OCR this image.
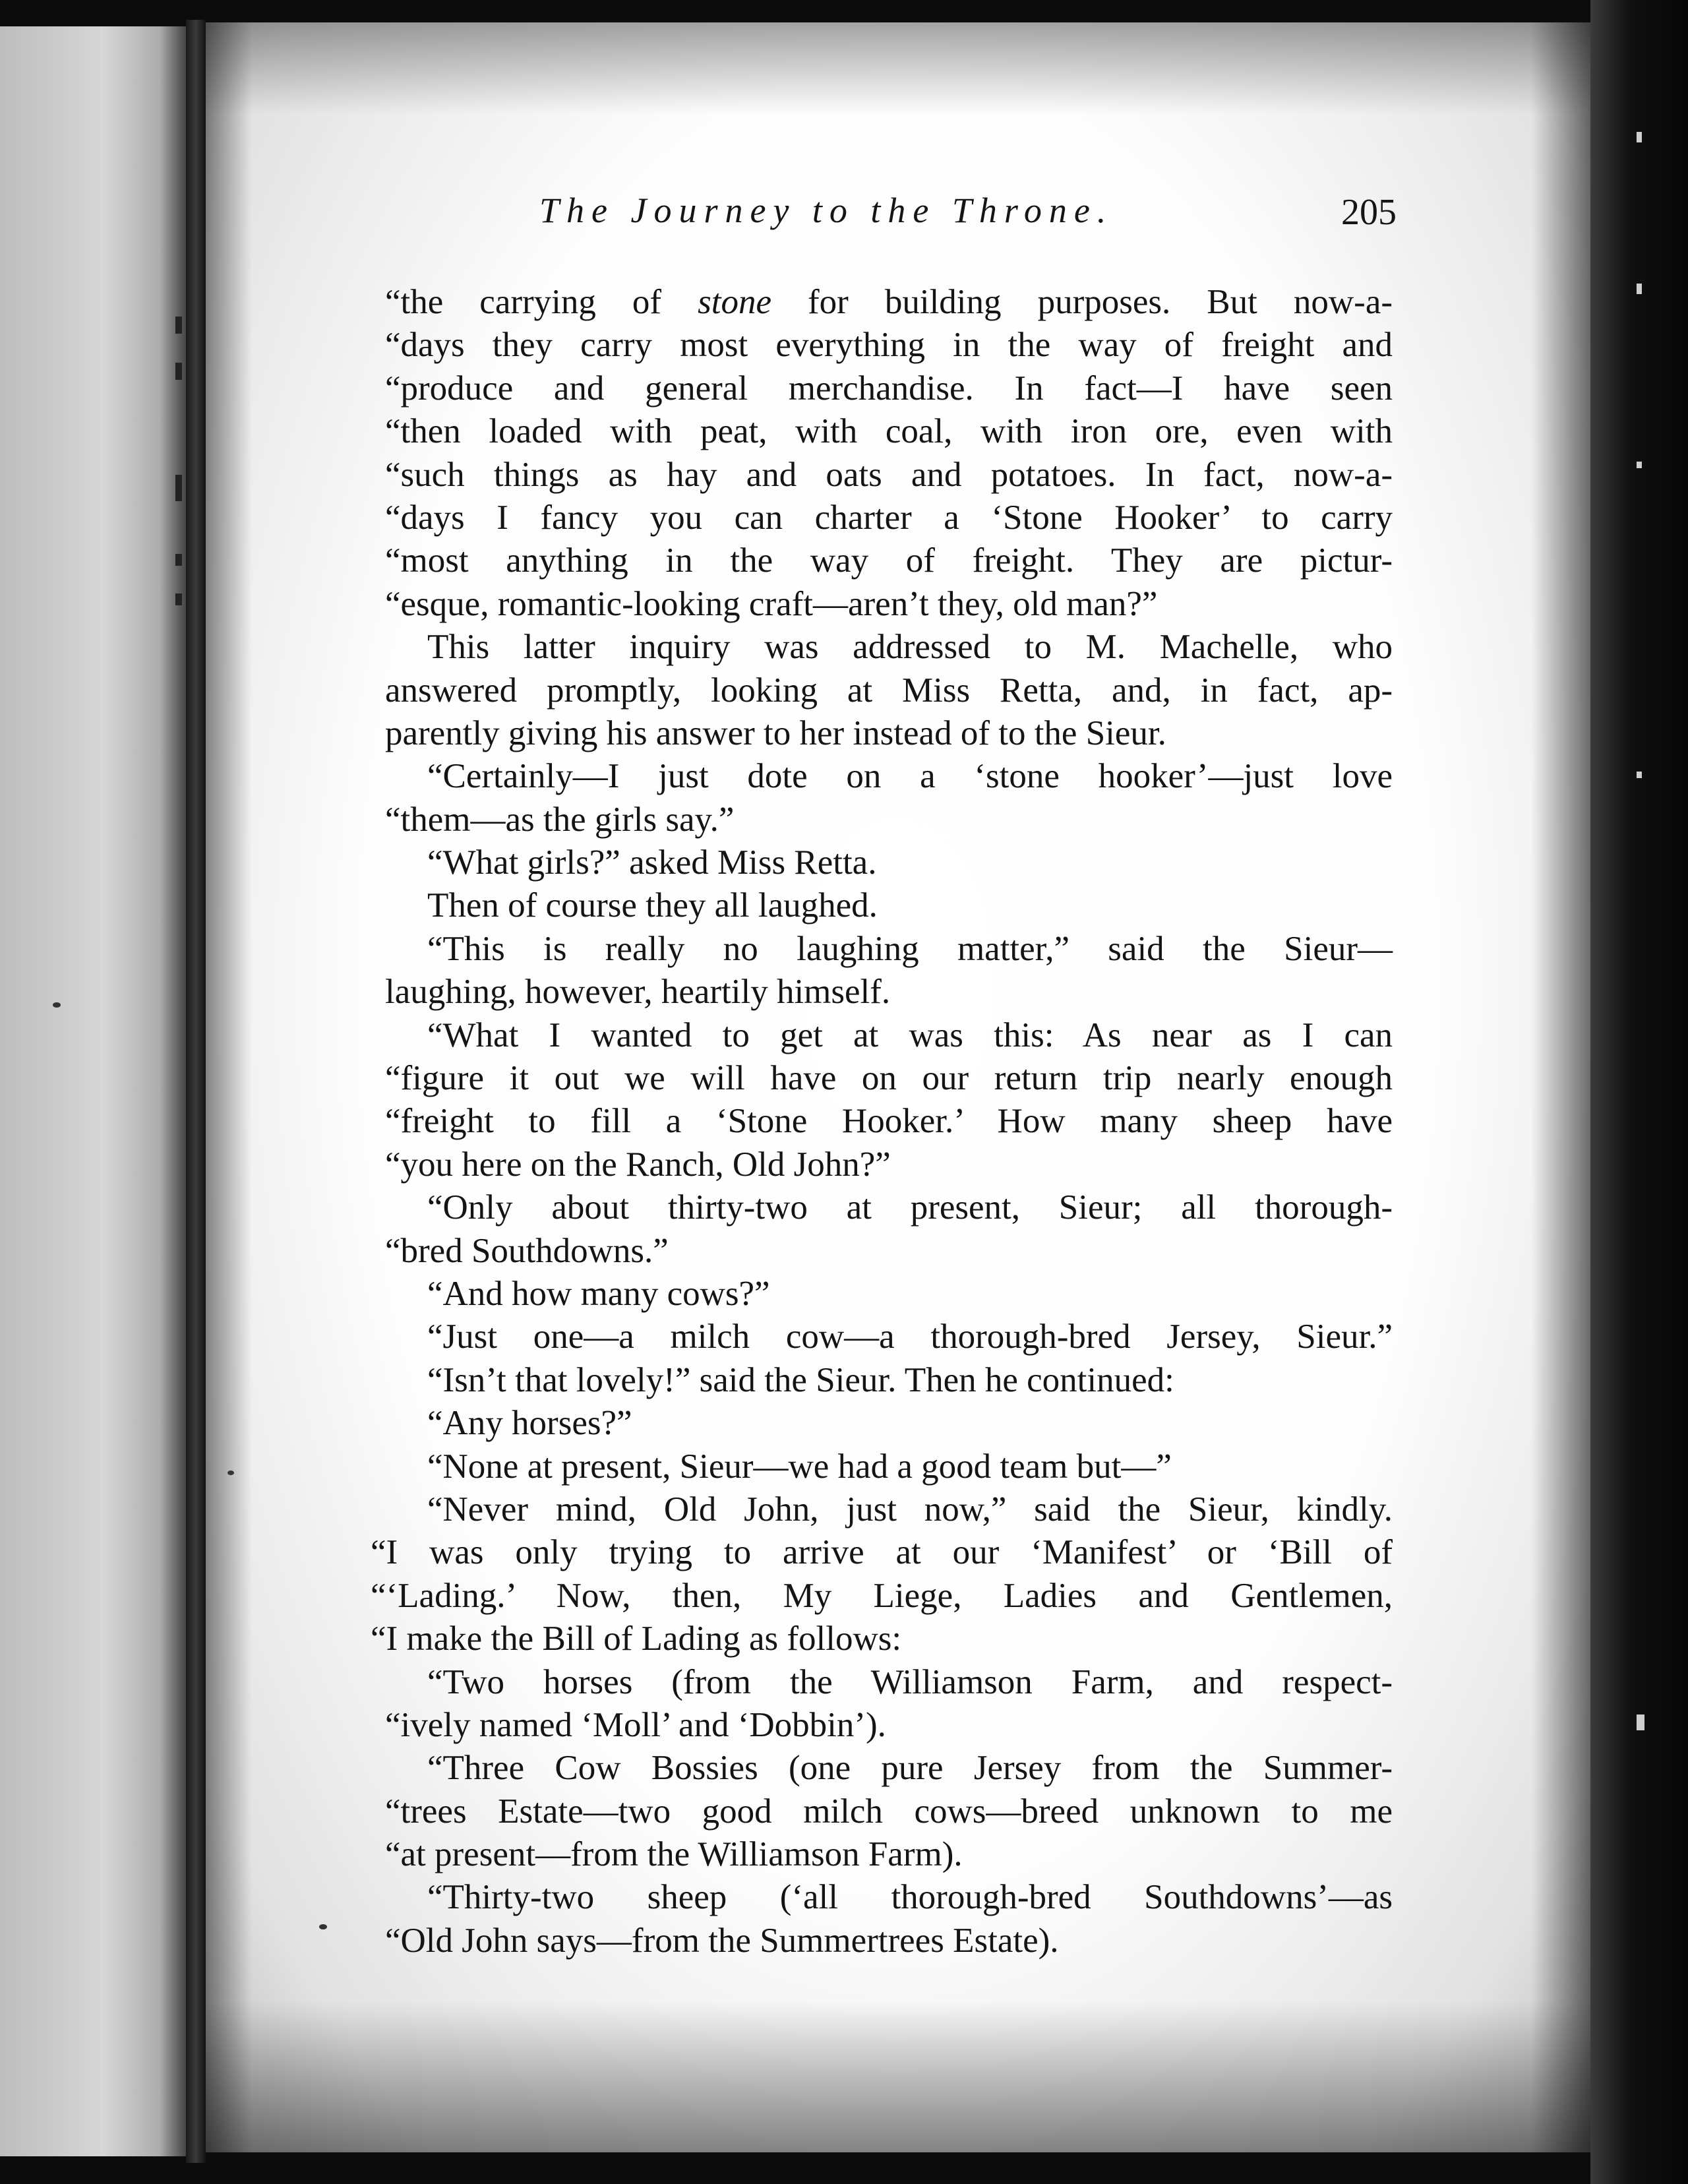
The Journey to the Throne.	205
“the carrying of stone for building purposes. But now-a-
“days they carry most everything in the way of freight and
“produce and general merchandise. In fact—I have seen
“then loaded with peat, with coal, with iron ore, even with
“such things as hay and oats and potatoes. In fact, now-a-
“days I fancy you can charter a ‘Stone Hooker’ to carry
“most anything in the way of freight. They are pictur-
“esque, romantic-looking craft—aren’t they, old man?”
This latter inquiry was addressed to M. Machelle, who
answered promptly, looking at Miss Retta, and, in fact, ap-
parently giving his answer to her instead of to the Sieur.
“Certainly—I just dote on a ‘stone hooker’—just love
“them—as the girls say.”
“What girls?” asked Miss Retta.
Then of course they all laughed.
“This is really no laughing matter,” said the Sieur—
laughing, however, heartily himself.
“What I wanted to get at was this: As near as I can
“figure it out we will have on our return trip nearly enough
“freight to fill a ‘Stone Hooker.’ How many sheep have
“you here on the Ranch, Old John?”
“Only about thirty-two at present, Sieur; all thorough-
“bred Southdowns.”
“And how many cows?”
“Just one—a milch cow—a thorough-bred Jersey, Sieur.”
“Isn’t that lovely!” said the Sieur. Then he continued:
“Any horses?”
“None at present, Sieur—we had a good team but—”
“Never mind, Old John, just now,” said the Sieur, kindly.
“I was only trying to arrive at our ‘Manifest’ or ‘Bill of
“‘Lading.’ Now, then, My Liege, Ladies and Gentlemen,
“I make the Bill of Lading as follows:
“Two horses (from the Williamson Farm, and respect-
“ively named ‘Moll’ and ‘Dobbin’).
“Three Cow Bossies (one pure Jersey from the Summer-
“trees Estate—two good milch cows—breed unknown to me
“at present—from the Williamson Farm).
“Thirty-two sheep (‘all thorough-bred Southdowns’—as
“Old John says—from the Summertrees Estate).
